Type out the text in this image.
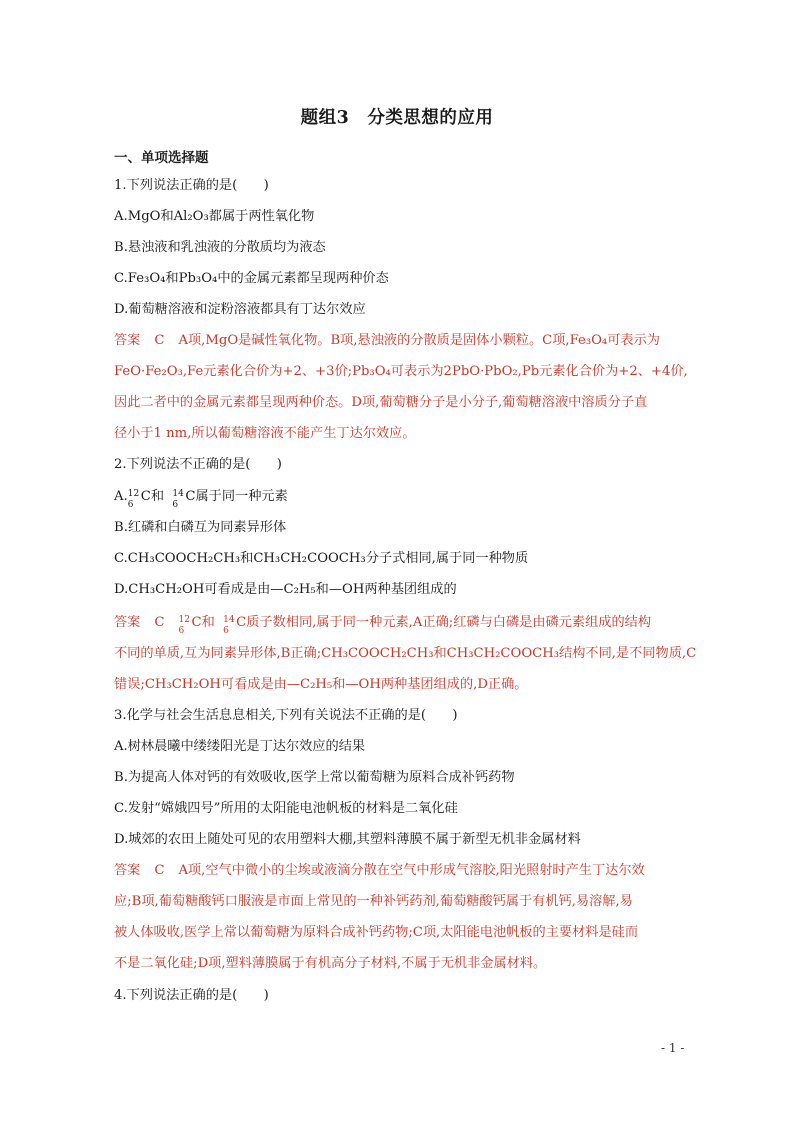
题组3　分类思想的应用
一、单项选择题
1.下列说法正确的是(　　)
A.MgO和Al₂O₃都属于两性氧化物
B.悬浊液和乳浊液的分散质均为液态
C.Fe₃O₄和Pb₃O₄中的金属元素都呈现两种价态
D.葡萄糖溶液和淀粉溶液都具有丁达尔效应
答案 C A项,MgO是碱性氧化物。B项,悬浊液的分散质是固体小颗粒。C项,Fe₃O₄可表示为
FeO·Fe₂O₃,Fe元素化合价为+2、+3价;Pb₃O₄可表示为2PbO·PbO₂,Pb元素化合价为+2、+4价,
因此二者中的金属元素都呈现两种价态。D项,葡萄糖分子是小分子,葡萄糖溶液中溶质分子直
径小于1 nm,所以葡萄糖溶液不能产生丁达尔效应。
2.下列说法不正确的是(　　)
A. 12
6
C和 14
6
C属于同一种元素
B.红磷和白磷互为同素异形体
C.CH₃COOCH₂CH₃和CH₃CH₂COOCH₃分子式相同,属于同一种物质
D.CH₃CH₂OH可看成是由—C₂H₅和—OH两种基团组成的
答案 C 12
6
C和 14
6
C质子数相同,属于同一种元素,A正确;红磷与白磷是由磷元素组成的结构
不同的单质,互为同素异形体,B正确;CH₃COOCH₂CH₃和CH₃CH₂COOCH₃结构不同,是不同物质,C
错误;CH₃CH₂OH可看成是由—C₂H₅和—OH两种基团组成的,D正确。
3.化学与社会生活息息相关,下列有关说法不正确的是(　　)
A.树林晨曦中缕缕阳光是丁达尔效应的结果
B.为提高人体对钙的有效吸收,医学上常以葡萄糖为原料合成补钙药物
C.发射“嫦娥四号”所用的太阳能电池帆板的材料是二氧化硅
D.城郊的农田上随处可见的农用塑料大棚,其塑料薄膜不属于新型无机非金属材料
答案 C A项,空气中微小的尘埃或液滴分散在空气中形成气溶胶,阳光照射时产生丁达尔效
应;B项,葡萄糖酸钙口服液是市面上常见的一种补钙药剂,葡萄糖酸钙属于有机钙,易溶解,易
被人体吸收,医学上常以葡萄糖为原料合成补钙药物;C项,太阳能电池帆板的主要材料是硅而
不是二氧化硅;D项,塑料薄膜属于有机高分子材料,不属于无机非金属材料。
4.下列说法正确的是(　　)
- 1 -
